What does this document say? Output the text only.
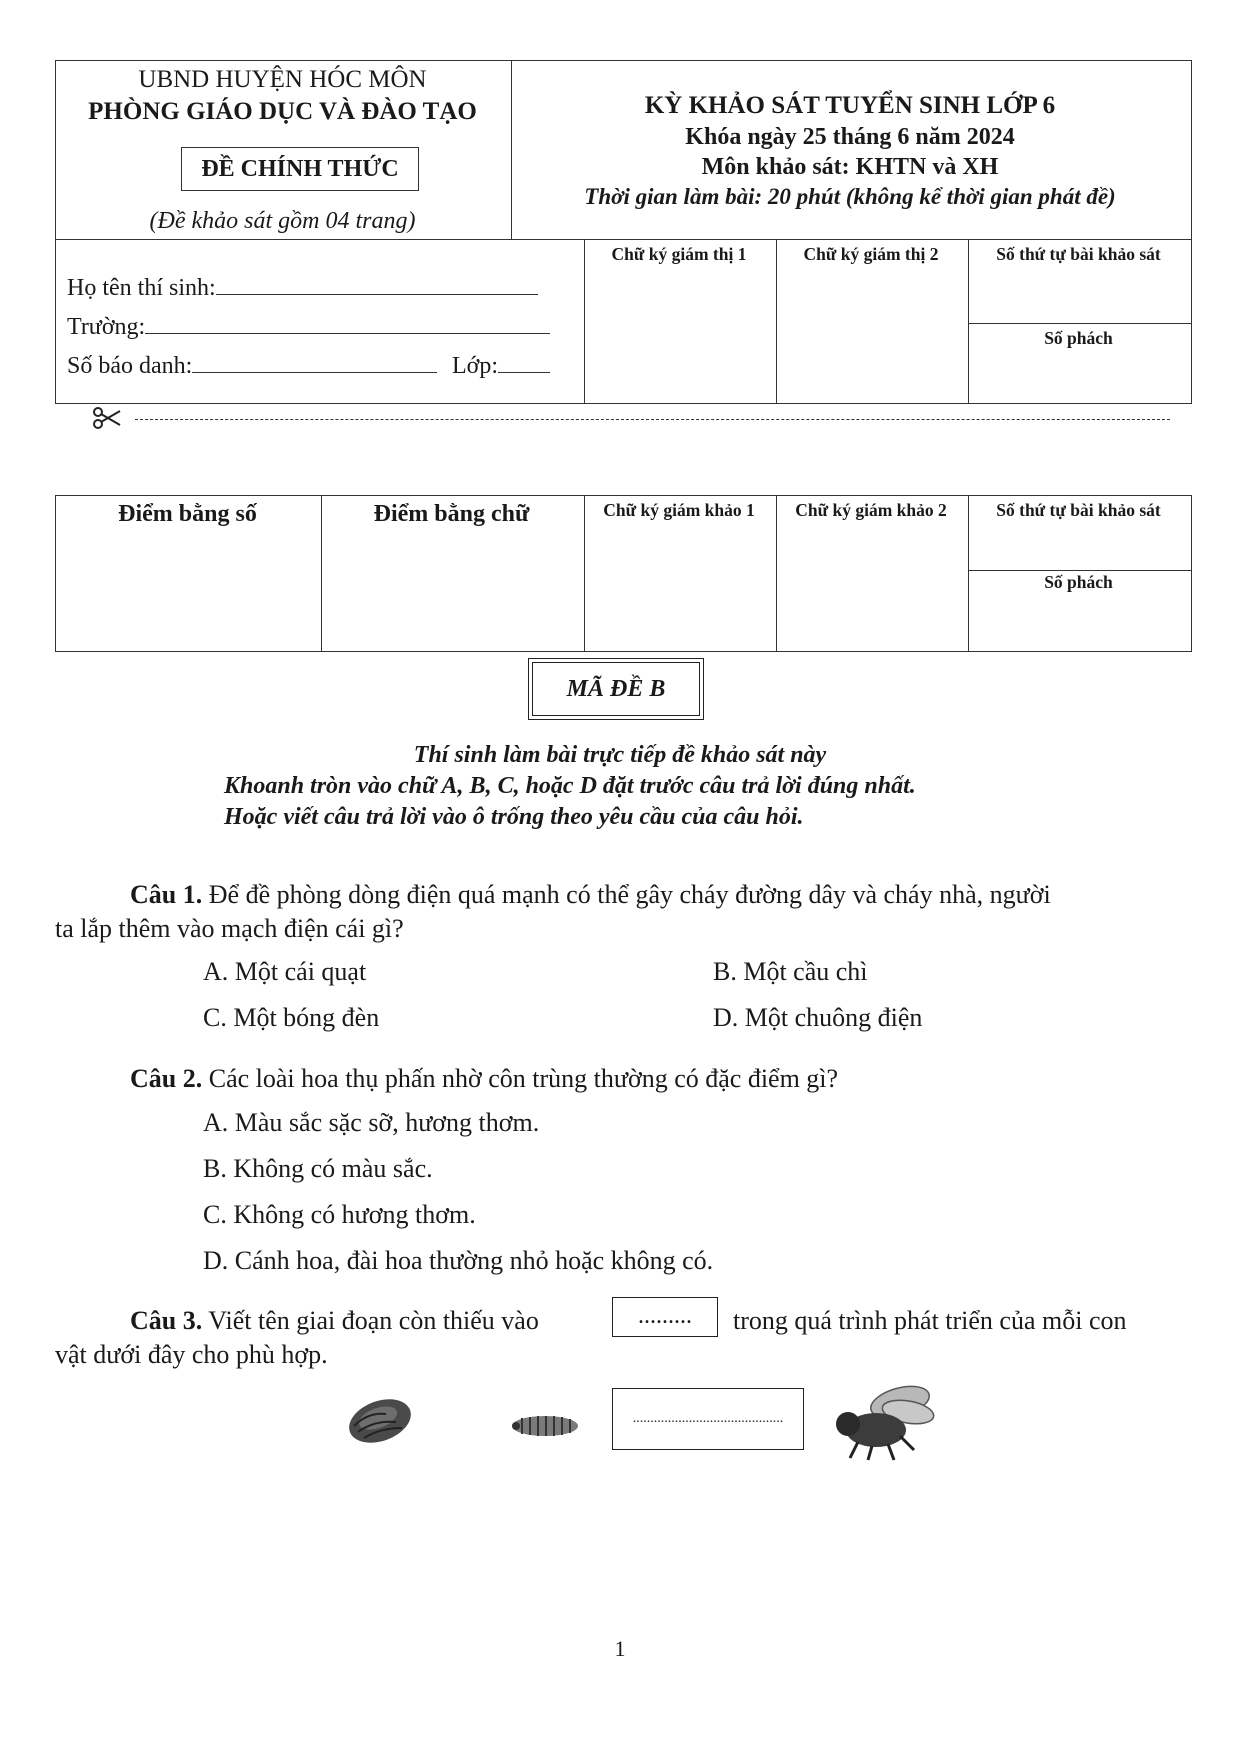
UBND HUYỆN HÓC MÔN
PHÒNG GIÁO DỤC VÀ ĐÀO TẠO
ĐỀ CHÍNH THỨC
(Đề khảo sát gồm 04 trang)
KỲ KHẢO SÁT TUYỂN SINH LỚP 6
Khóa ngày 25 tháng 6 năm 2024
Môn khảo sát: KHTN và XH
Thời gian làm bài: 20 phút (không kể thời gian phát đề)
Họ tên thí sinh:
Trường:
Số báo danh:	Lớp:
Chữ ký giám thị 1	Chữ ký giám thị 2	Số thứ tự bài khảo sát
Số phách
Điểm bằng số	Điểm bằng chữ	Chữ ký giám khảo 1	Chữ ký giám khảo 2	Số thứ tự bài khảo sát
Số phách
MÃ ĐỀ B
Thí sinh làm bài trực tiếp đề khảo sát này
Khoanh tròn vào chữ A, B, C, hoặc D đặt trước câu trả lời đúng nhất.
Hoặc viết câu trả lời vào ô trống theo yêu cầu của câu hỏi.
Câu 1. Để đề phòng dòng điện quá mạnh có thể gây cháy đường dây và cháy nhà, người
ta lắp thêm vào mạch điện cái gì?
A. Một cái quạt	B. Một cầu chì
C. Một bóng đèn	D. Một chuông điện
Câu 2. Các loài hoa thụ phấn nhờ côn trùng thường có đặc điểm gì?
A. Màu sắc sặc sỡ, hương thơm.
B. Không có màu sắc.
C. Không có hương thơm.
D. Cánh hoa, đài hoa thường nhỏ hoặc không có.
Câu 3. Viết tên giai đoạn còn thiếu vào	.........	trong quá trình phát triển của mỗi con
vật dưới đây cho phù hợp.
...........................................
1
